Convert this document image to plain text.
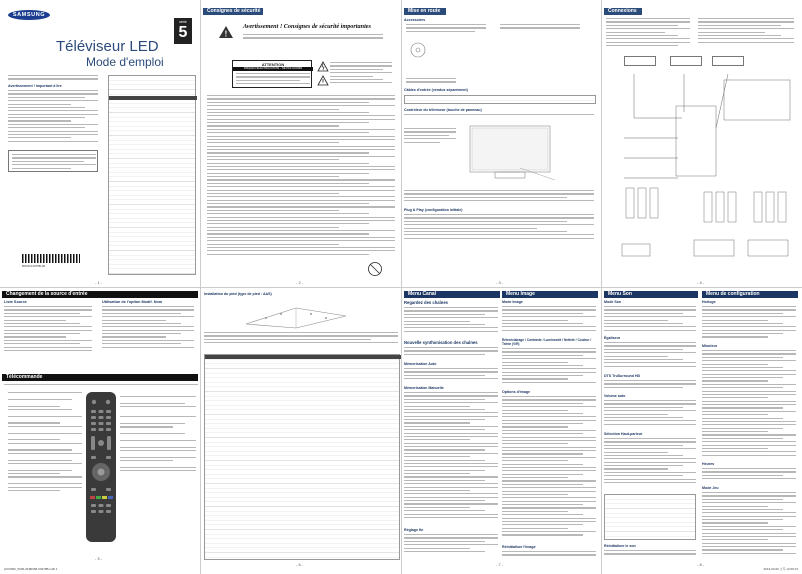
SAMSUNG
série
5
Téléviseur LED
Mode d'emploi
Avertissement ! Important à lire
BN68-04978B-00
Consignes de sécurité importantes
!
Avertissement ! Consignes de sécurité importantes
ATTENTION
RISQUE D'ÉLECTROCUTION – NE PAS OUVRIR
Mise en route
Accessoires
Câbles d'entrée (vendus séparément)
Contrôleur du téléviseur (touche de panneau)
Plug & Play (configuration initiale)
Connexions
- 1 -	- 2 -	- 3 -	- 4 -
Changement de la source d'entrée
Liste Source	Utilisation de l'option Modif. Nom
Télécommande
Installation du pied (type de pied : AAS)	Menu Canal
Regardez des chaînes
Nouvelle synthonisation des chaînes
Mémorisation Auto
Mémorisation Manuelle
Réglage fin
Menu Image
Mode Image
Rétroéclairage / Contraste / Luminosité / Netteté / Couleur / Teinte (V/R)
Options d'image
Réinitialiser l'image
Menu Son
Mode Son
Égaliseur
DTS TruSurround HD
Volume auto
Sélection Haut-parleur
Réinitialiser le son
Menu de configuration
Horloge
Minuteur
Heures
Mode Jeu
- 5 -
- 6 -	- 7 -	- 8 -
[UC5000_5006-ZF]BN68-04978B.indb 1	2013-03-06 오후 12:09:13
